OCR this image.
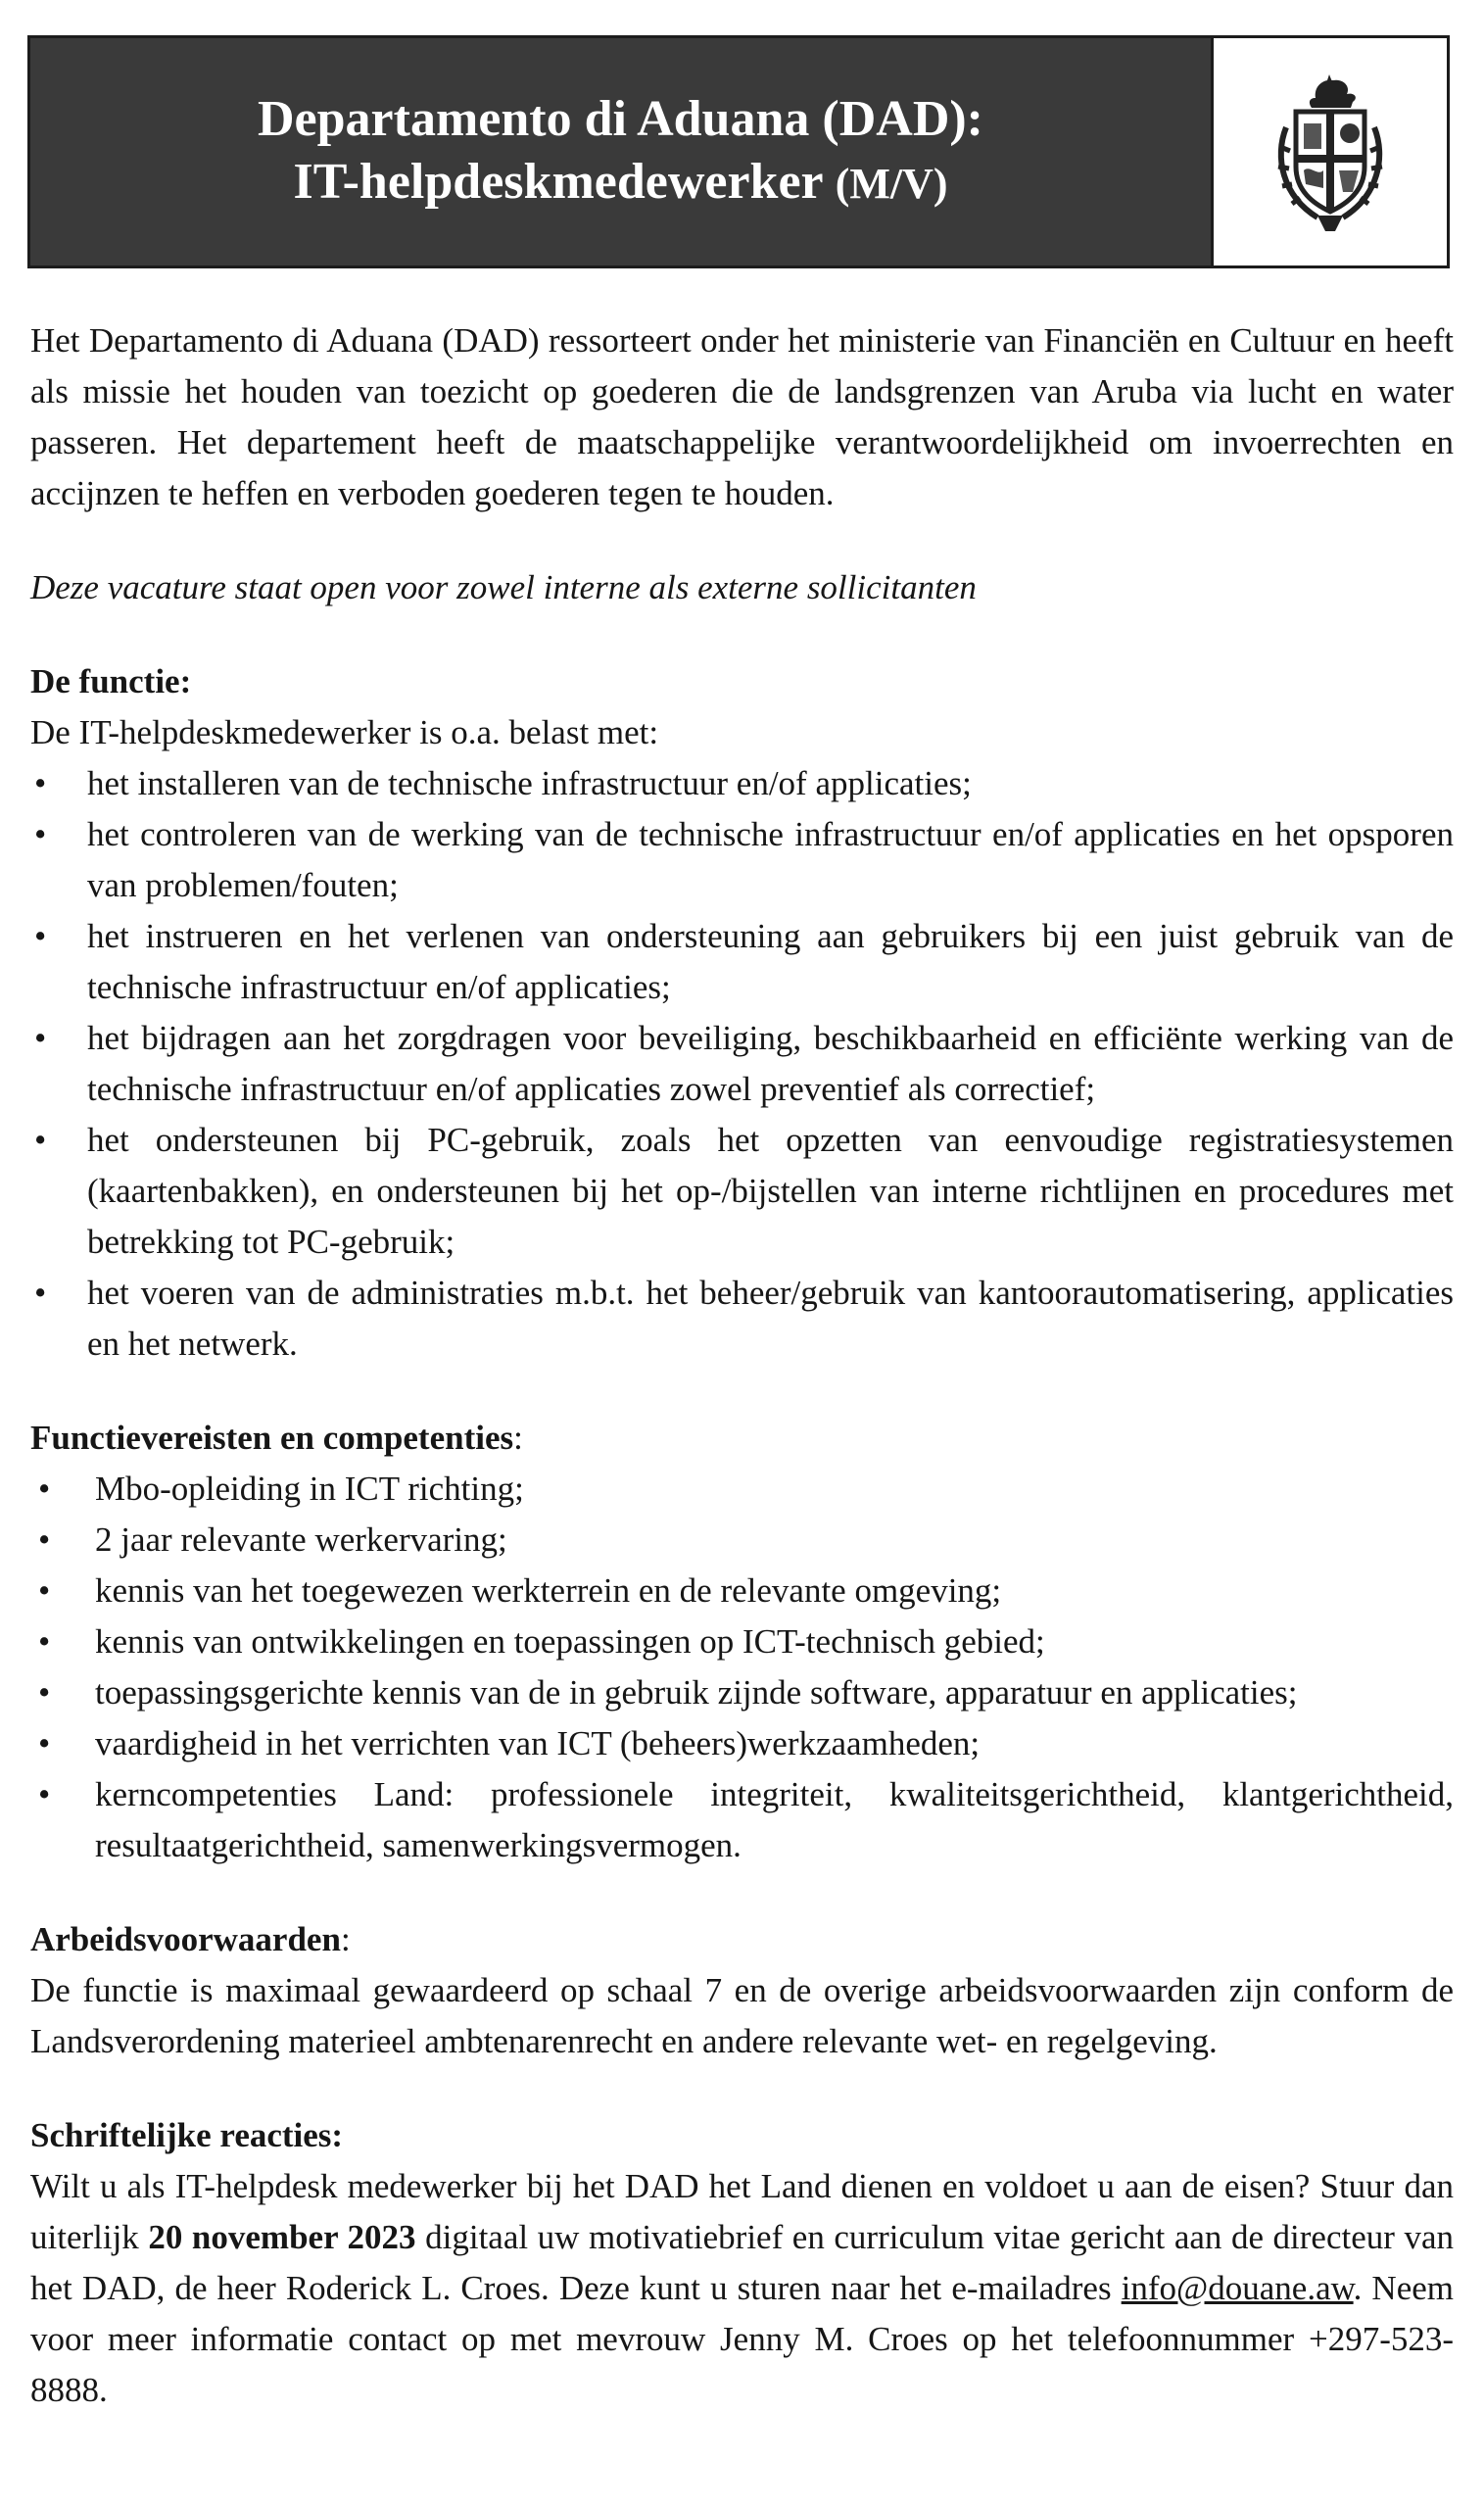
Departamento di Aduana (DAD):
IT-helpdeskmedewerker (M/V)

Het Departamento di Aduana (DAD) ressorteert onder het ministerie van Financiën en Cultuur en heeft als missie het houden van toezicht op goederen die de landsgrenzen van Aruba via lucht en water passeren. Het departement heeft de maatschappelijke verantwoordelijkheid om invoerrechten en accijnzen te heffen en verboden goederen tegen te houden.

Deze vacature staat open voor zowel interne als externe sollicitanten

De functie:

De IT-helpdeskmedewerker is o.a. belast met:

• het installeren van de technische infrastructuur en/of applicaties;
• het controleren van de werking van de technische infrastructuur en/of applicaties en het opsporen van problemen/fouten;
• het instrueren en het verlenen van ondersteuning aan gebruikers bij een juist gebruik van de technische infrastructuur en/of applicaties;
• het bijdragen aan het zorgdragen voor beveiliging, beschikbaarheid en efficiënte werking van de technische infrastructuur en/of applicaties zowel preventief als correctief;
• het ondersteunen bij PC-gebruik, zoals het opzetten van eenvoudige registratiesystemen (kaartenbakken), en ondersteunen bij het op-/bijstellen van interne richtlijnen en procedures met betrekking tot PC-gebruik;
• het voeren van de administraties m.b.t. het beheer/gebruik van kantoorautomatisering, applicaties en het netwerk.
Functievereisten en competenties:
• Mbo-opleiding in ICT richting;
• 2 jaar relevante werkervaring;
• kennis van het toegewezen werkterrein en de relevante omgeving;
• kennis van ontwikkelingen en toepassingen op ICT-technisch gebied;
• toepassingsgerichte kennis van de in gebruik zijnde software, apparatuur en applicaties;
• vaardigheid in het verrichten van ICT (beheers)werkzaamheden;
• kerncompetenties Land: professionele integriteit, kwaliteitsgerichtheid, klantgerichtheid, resultaatgerichtheid, samenwerkingsvermogen.
Arbeidsvoorwaarden:

De functie is maximaal gewaardeerd op schaal 7 en de overige arbeidsvoorwaarden zijn conform de Landsverordening materieel ambtenarenrecht en andere relevante wet- en regelgeving.

Schriftelijke reacties:

Wilt u als IT-helpdesk medewerker bij het DAD het Land dienen en voldoet u aan de eisen? Stuur dan uiterlijk 20 november 2023 digitaal uw motivatiebrief en curriculum vitae gericht aan de directeur van het DAD, de heer Roderick L. Croes. Deze kunt u sturen naar het e-mailadres info@douane.aw. Neem voor meer informatie contact op met mevrouw Jenny M. Croes op het telefoonnummer +297-523-8888.
